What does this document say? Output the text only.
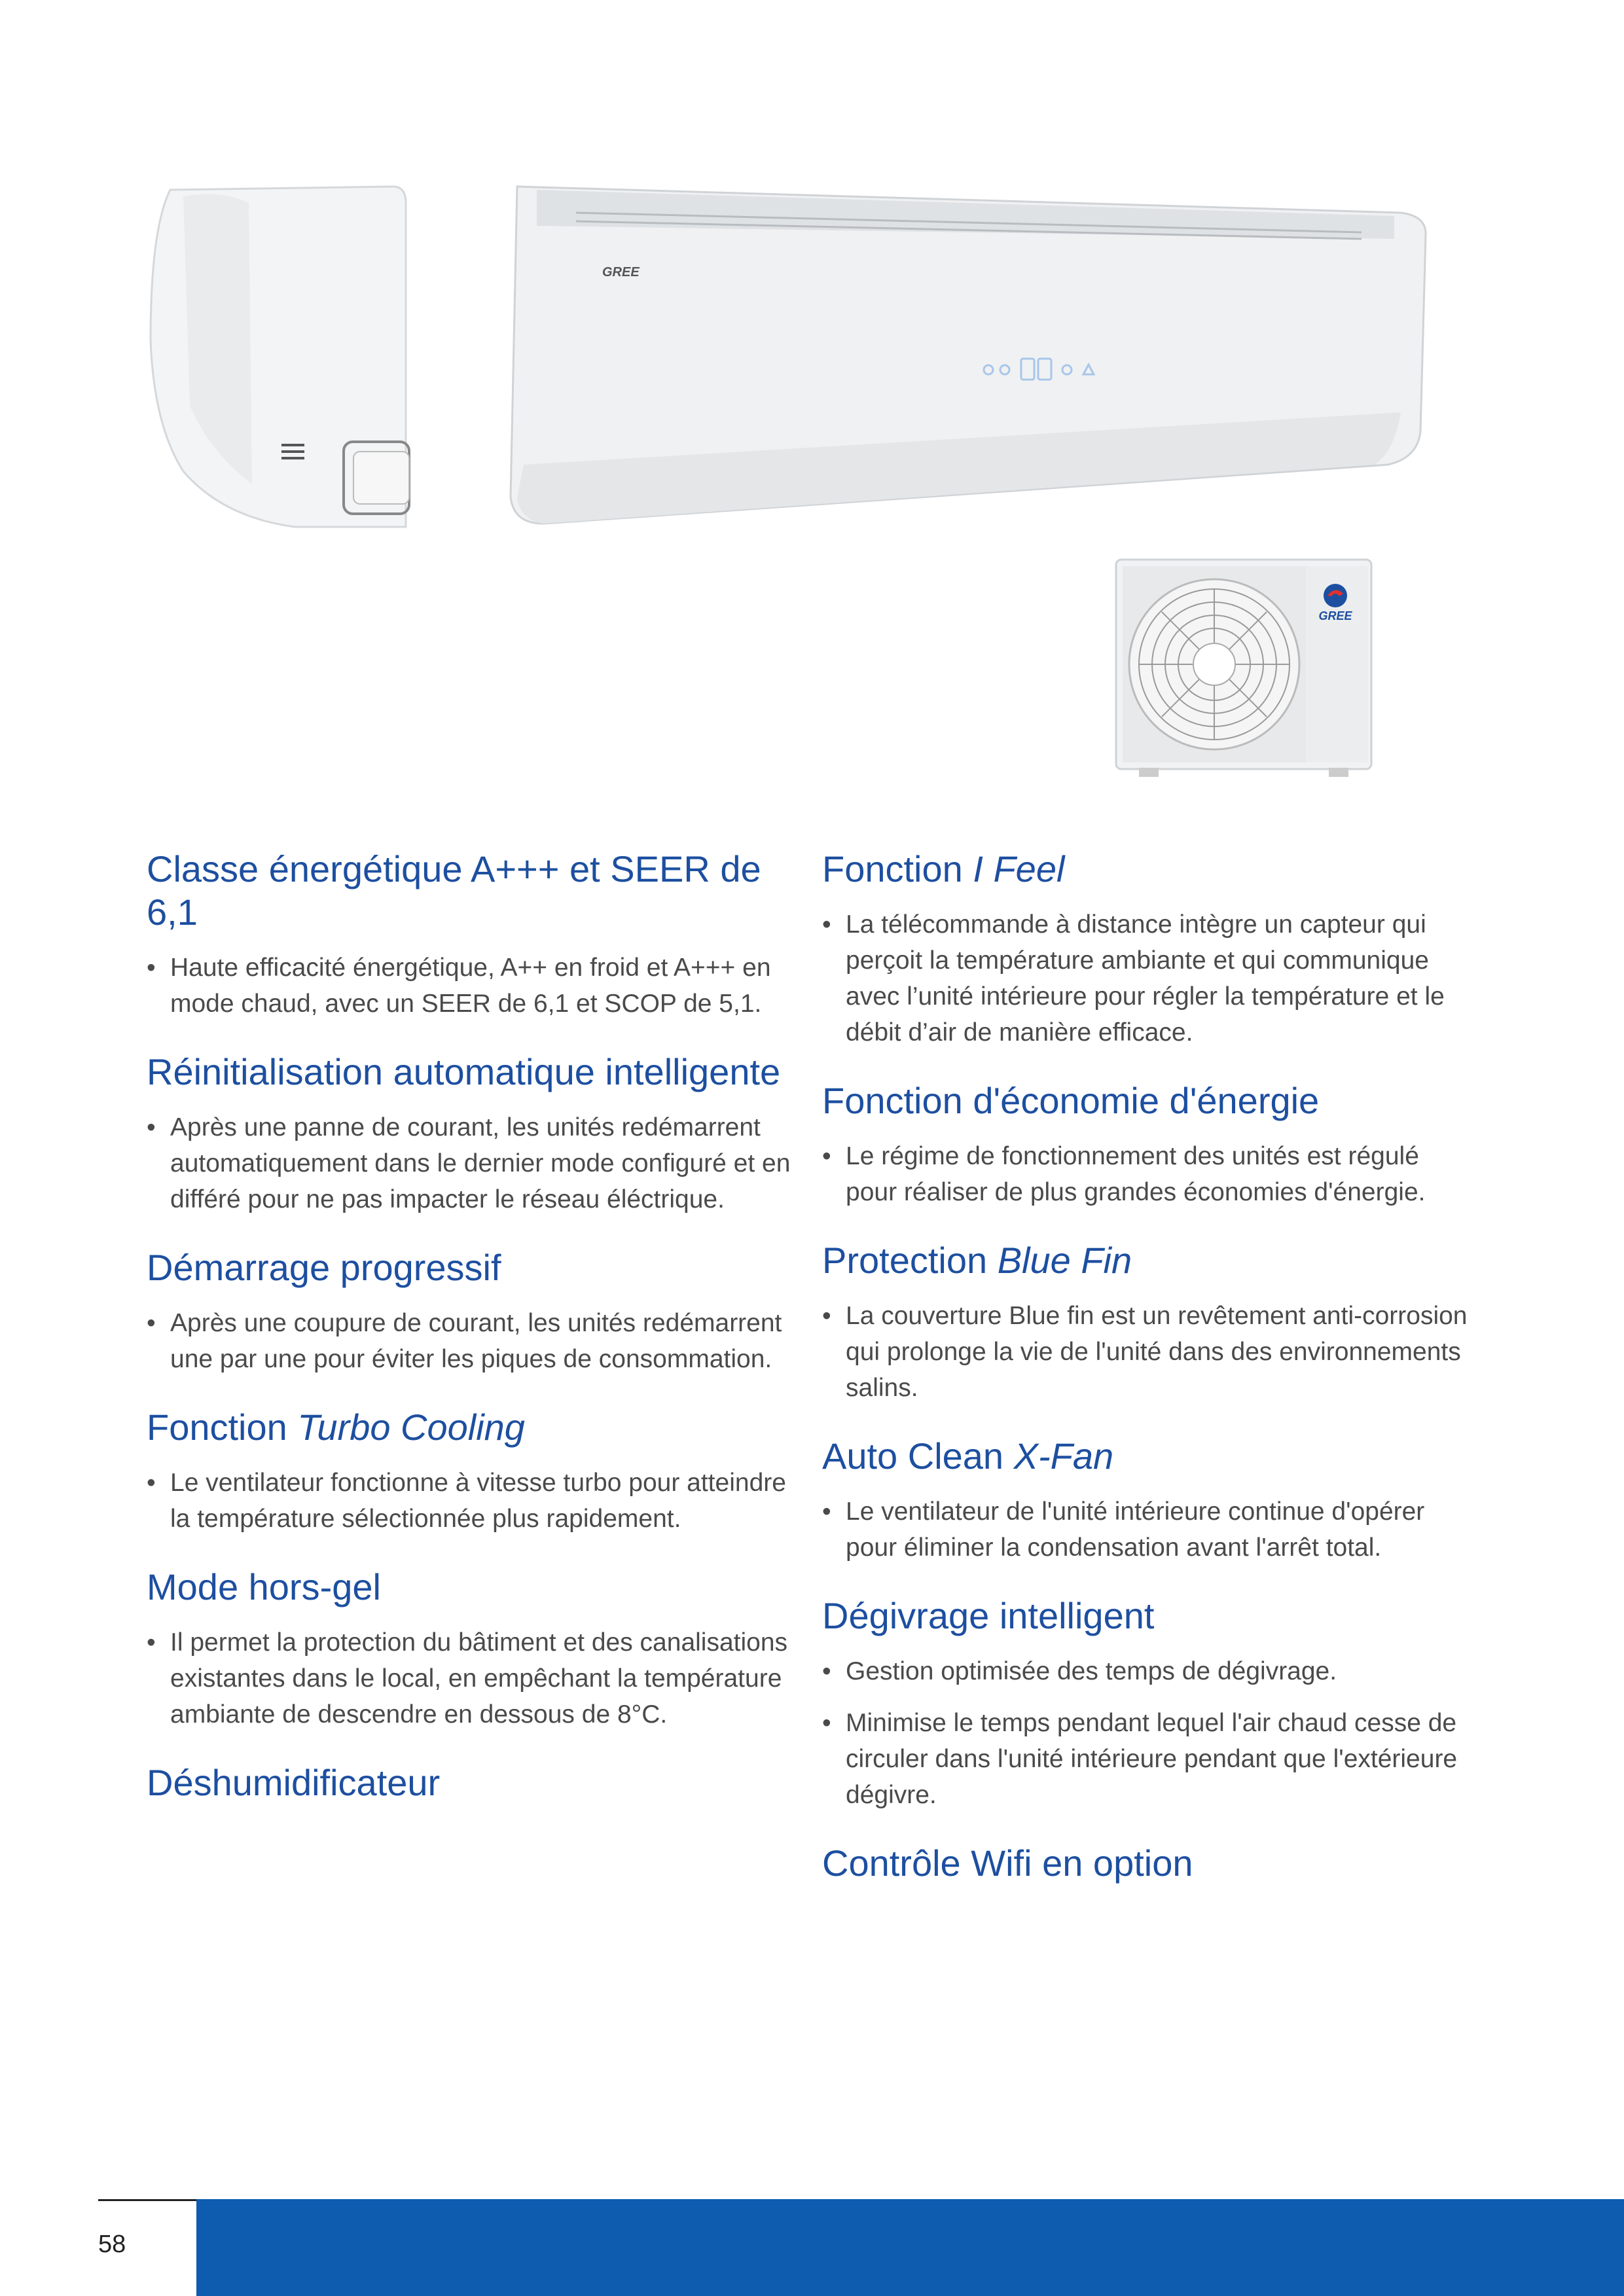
GREE
GREE
Classe énergétique A+++ et SEER de 6,1
• Haute efficacité énergétique, A++ en froid et A+++ en mode chaud, avec un SEER de 6,1 et SCOP de 5,1.
Réinitialisation automatique intelligente
• Après une panne de courant, les unités redémarrent automatiquement dans le dernier mode configuré et en différé pour ne pas impacter le réseau éléctrique.
Démarrage progressif
• Après une coupure de courant, les unités redémarrent une par une pour éviter les piques de consommation.
Fonction Turbo Cooling
• Le ventilateur fonctionne à vitesse turbo pour atteindre la température sélectionnée plus rapidement.
Mode hors-gel
• Il permet la protection du bâtiment et des canalisations existantes dans le local, en empêchant la température ambiante de descendre en dessous de 8°C.
Déshumidificateur
Fonction I Feel
• La télécommande à distance intègre un capteur qui perçoit la température ambiante et qui communique avec l’unité intérieure pour régler la température et le débit d’air de manière efficace.
Fonction d'économie d'énergie
• Le régime de fonctionnement des unités est régulé pour réaliser de plus grandes économies d'énergie.
Protection Blue Fin
• La couverture Blue fin est un revêtement anti-corrosion qui prolonge la vie de l'unité dans des environnements salins.
Auto Clean X-Fan
• Le ventilateur de l'unité intérieure continue d'opérer pour éliminer la condensation avant l'arrêt total.
Dégivrage intelligent
• Gestion optimisée des temps de dégivrage.
• Minimise le temps pendant lequel l'air chaud cesse de circuler dans l'unité intérieure pendant que l'extérieure dégivre.
Contrôle Wifi en option
58
